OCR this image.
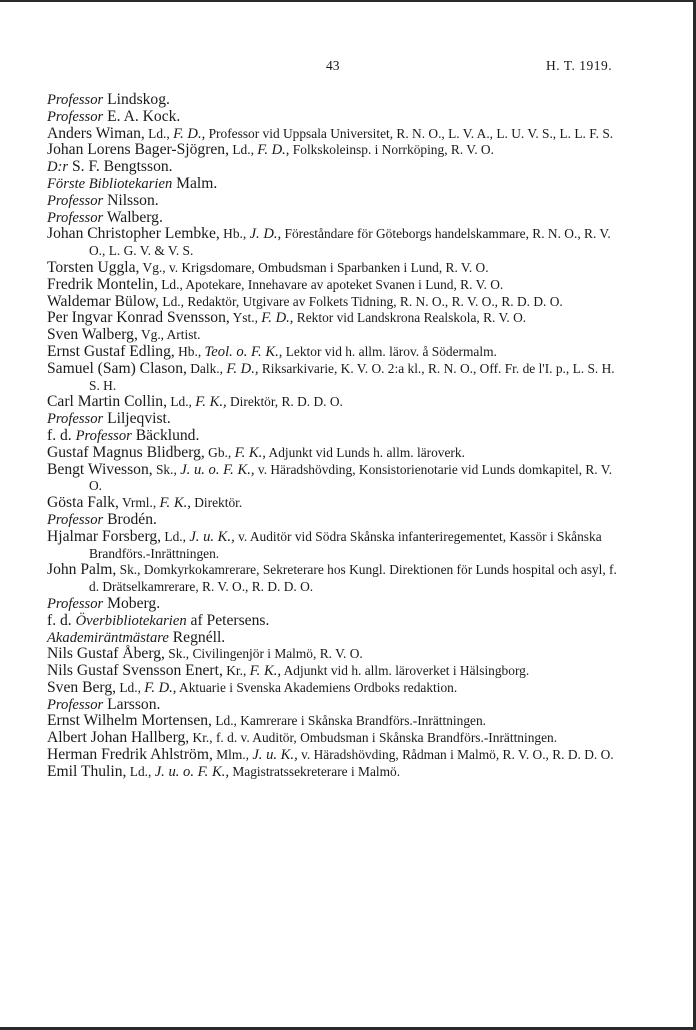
43	H. T. 1919.
Professor Lindskog.
Professor E. A. Kock.
Anders Wiman, Ld., F. D., Professor vid Uppsala Universitet, R. N. O., L. V. A., L. U. V. S., L. L. F. S.
Johan Lorens Bager-Sjögren, Ld., F. D., Folkskoleinsp. i Norrköping, R. V. O.
D:r S. F. Bengtsson.
Förste Bibliotekarien Malm.
Professor Nilsson.
Professor Walberg.
Johan Christopher Lembke, Hb., J. D., Föreståndare för Göteborgs handelskammare, R. N. O., R. V. O., L. G. V. & V. S.
Torsten Uggla, Vg., v. Krigsdomare, Ombudsman i Sparbanken i Lund, R. V. O.
Fredrik Montelin, Ld., Apotekare, Innehavare av apoteket Svanen i Lund, R. V. O.
Waldemar Bülow, Ld., Redaktör, Utgivare av Folkets Tidning, R. N. O., R. V. O., R. D. D. O.
Per Ingvar Konrad Svensson, Yst., F. D., Rektor vid Landskrona Realskola, R. V. O.
Sven Walberg, Vg., Artist.
Ernst Gustaf Edling, Hb., Teol. o. F. K., Lektor vid h. allm. lärov. å Södermalm.
Samuel (Sam) Clason, Dalk., F. D., Riksarkivarie, K. V. O. 2:a kl., R. N. O., Off. Fr. de l'I. p., L. S. H. S. H.
Carl Martin Collin, Ld., F. K., Direktör, R. D. D. O.
Professor Liljeqvist.
f. d. Professor Bäcklund.
Gustaf Magnus Blidberg, Gb., F. K., Adjunkt vid Lunds h. allm. läroverk.
Bengt Wivesson, Sk., J. u. o. F. K., v. Häradshövding, Konsistorienotarie vid Lunds domkapitel, R. V. O.
Gösta Falk, Vrml., F. K., Direktör.
Professor Brodén.
Hjalmar Forsberg, Ld., J. u. K., v. Auditör vid Södra Skånska infanteriregementet, Kassör i Skånska Brandförs.-Inrättningen.
John Palm, Sk., Domkyrkokamrerare, Sekreterare hos Kungl. Direktionen för Lunds hospital och asyl, f. d. Drätselkamrerare, R. V. O., R. D. D. O.
Professor Moberg.
f. d. Överbibliotekarien af Petersens.
Akademiräntmästare Regnéll.
Nils Gustaf Åberg, Sk., Civilingenjör i Malmö, R. V. O.
Nils Gustaf Svensson Enert, Kr., F. K., Adjunkt vid h. allm. läroverket i Hälsingborg.
Sven Berg, Ld., F. D., Aktuarie i Svenska Akademiens Ordboks redaktion.
Professor Larsson.
Ernst Wilhelm Mortensen, Ld., Kamrerare i Skånska Brandförs.-Inrättningen.
Albert Johan Hallberg, Kr., f. d. v. Auditör, Ombudsman i Skånska Brandförs.-Inrättningen.
Herman Fredrik Ahlström, Mlm., J. u. K., v. Häradshövding, Rådman i Malmö, R. V. O., R. D. D. O.
Emil Thulin, Ld., J. u. o. F. K., Magistratssekreterare i Malmö.
